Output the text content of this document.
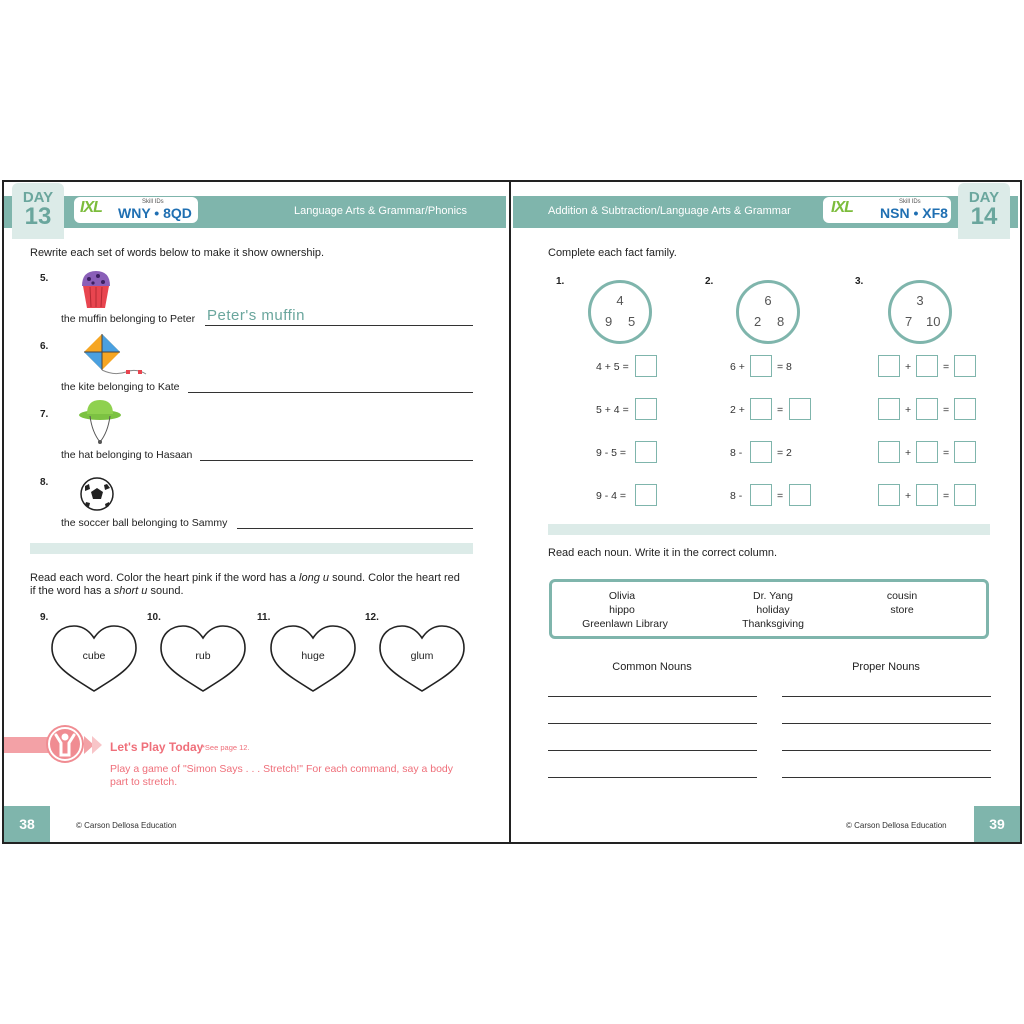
DAY
13	IXL	Skill IDs
WNY • 8QD	Language Arts & Grammar/Phonics
Rewrite each set of words below to make it show ownership.
5.
the muffin belonging to Peter Peter's muffin
6.
the kite belonging to Kate
7.
the hat belonging to Hasaan
8.
the soccer ball belonging to Sammy
Read each word. Color the heart pink if the word has a long u sound. Color the heart red
if the word has a short u sound.
9.
cube
10.
rub
11.
huge
12.
glum
Let's Play Today
*See page 12.
Play a game of "Simon Says . . . Stretch!" For each command, say a body part to stretch.
38	© Carson Dellosa Education
Addition & Subtraction/Language Arts & Grammar	IXL	Skill IDs
NSN • XF8
DAY
14
Complete each fact family.
1.
4
9 5
4 + 5 =
5 + 4 =
9 - 5 =
9 - 4 =
2.
6
2 8
6 +	= 8
2 +	=
8 -	= 2
8 -	=
3.
3
7 10
+	=
+	=
+	=
+	=
Read each noun. Write it in the correct column.
Olivia	Dr. Yang	cousin
hippo	holiday	store
Greenlawn Library	Thanksgiving
Common Nouns	Proper Nouns
© Carson Dellosa Education	39
